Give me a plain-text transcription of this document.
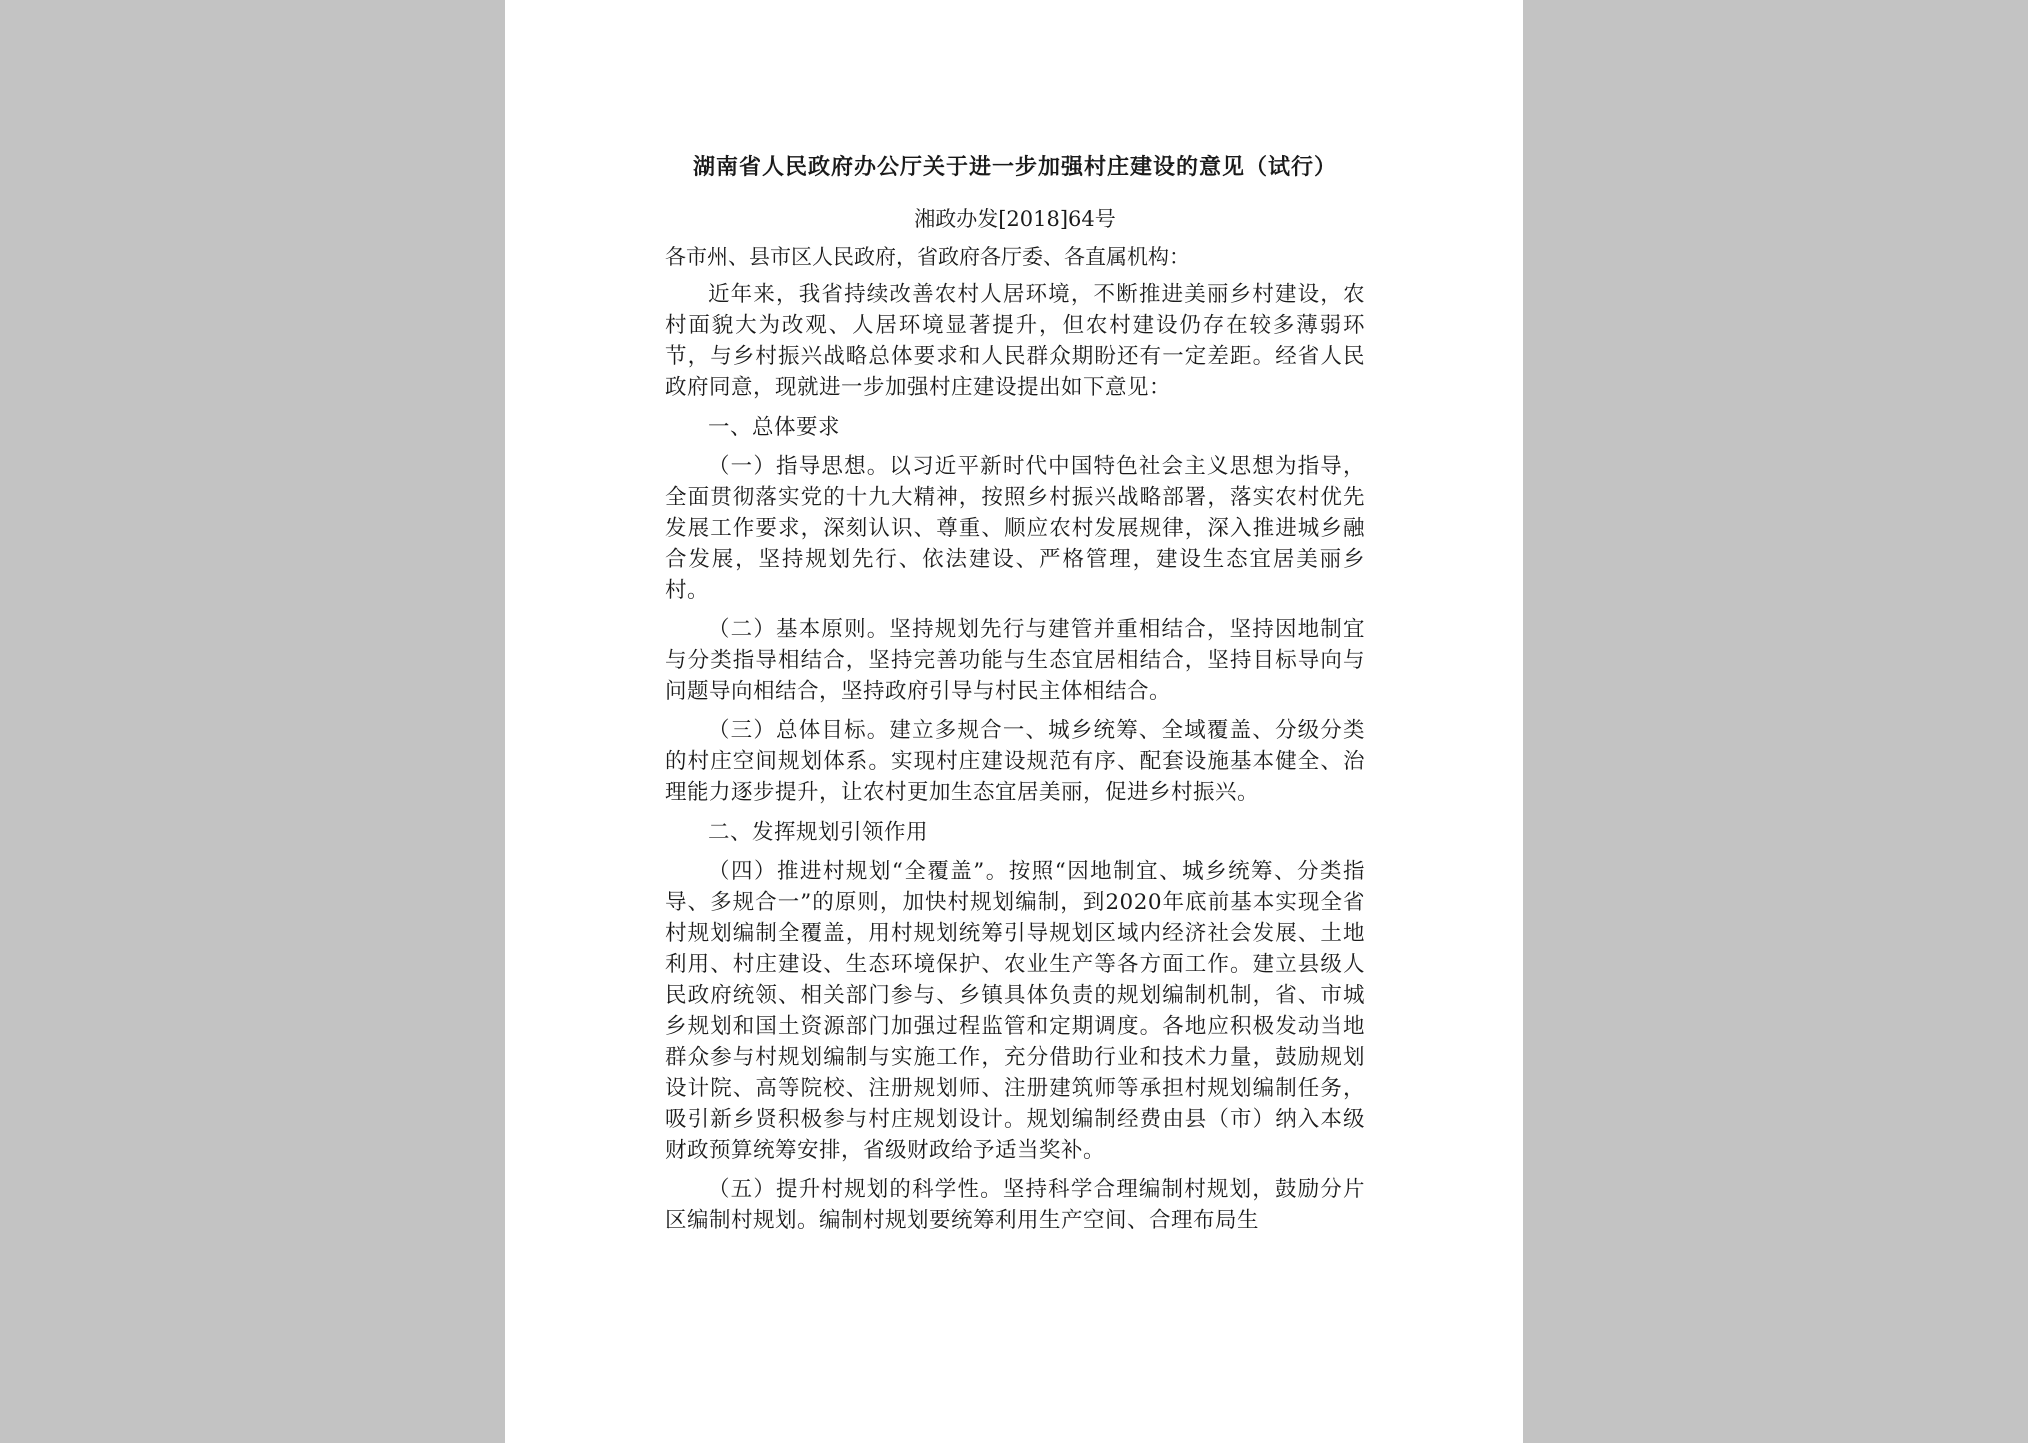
湖南省人民政府办公厅关于进一步加强村庄建设的意见（试行）
湘政办发[2018]64号
各市州、县市区人民政府，省政府各厅委、各直属机构：

近年来，我省持续改善农村人居环境，不断推进美丽乡村建设，农村面貌大为改观、人居环境显著提升，但农村建设仍存在较多薄弱环节，与乡村振兴战略总体要求和人民群众期盼还有一定差距。经省人民政府同意，现就进一步加强村庄建设提出如下意见：

一、总体要求

（一）指导思想。以习近平新时代中国特色社会主义思想为指导，全面贯彻落实党的十九大精神，按照乡村振兴战略部署，落实农村优先发展工作要求，深刻认识、尊重、顺应农村发展规律，深入推进城乡融合发展，坚持规划先行、依法建设、严格管理，建设生态宜居美丽乡村。

（二）基本原则。坚持规划先行与建管并重相结合，坚持因地制宜与分类指导相结合，坚持完善功能与生态宜居相结合，坚持目标导向与问题导向相结合，坚持政府引导与村民主体相结合。

（三）总体目标。建立多规合一、城乡统筹、全域覆盖、分级分类的村庄空间规划体系。实现村庄建设规范有序、配套设施基本健全、治理能力逐步提升，让农村更加生态宜居美丽，促进乡村振兴。

二、发挥规划引领作用

（四）推进村规划“全覆盖”。按照“因地制宜、城乡统筹、分类指导、多规合一”的原则，加快村规划编制，到2020年底前基本实现全省村规划编制全覆盖，用村规划统筹引导规划区域内经济社会发展、土地利用、村庄建设、生态环境保护、农业生产等各方面工作。建立县级人民政府统领、相关部门参与、乡镇具体负责的规划编制机制，省、市城乡规划和国土资源部门加强过程监管和定期调度。各地应积极发动当地群众参与村规划编制与实施工作，充分借助行业和技术力量，鼓励规划设计院、高等院校、注册规划师、注册建筑师等承担村规划编制任务，吸引新乡贤积极参与村庄规划设计。规划编制经费由县（市）纳入本级财政预算统筹安排，省级财政给予适当奖补。

（五）提升村规划的科学性。坚持科学合理编制村规划，鼓励分片区编制村规划。编制村规划要统筹利用生产空间、合理布局生
